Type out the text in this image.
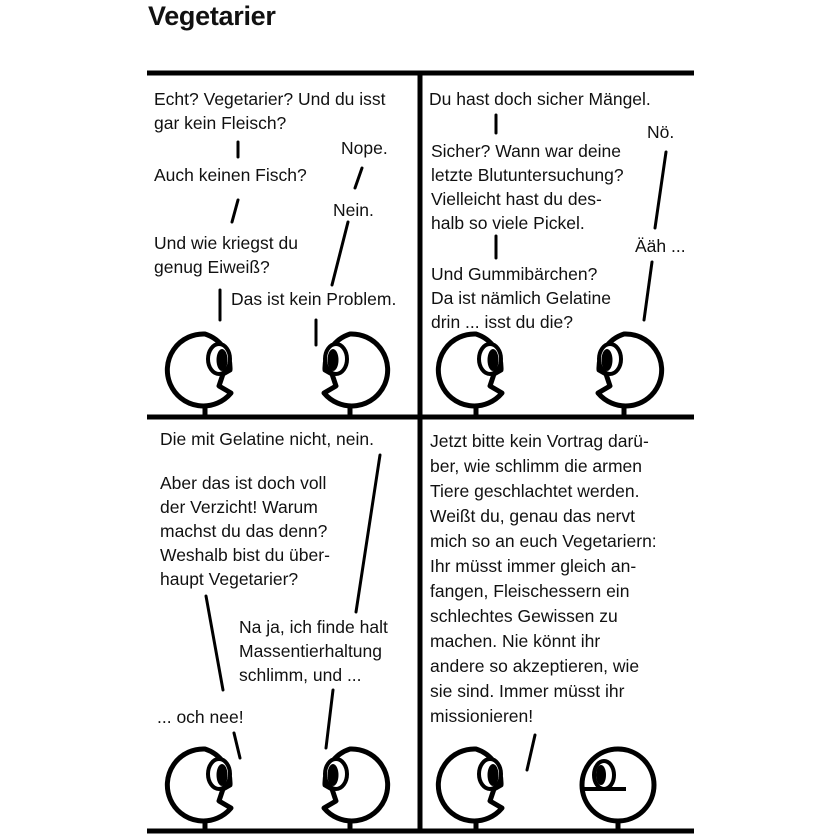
Vegetarier
Echt? Vegetarier? Und du isst
gar kein Fleisch?
Nope.
Auch keinen Fisch?
Nein.
Und wie kriegst du
genug Eiweiß?
Das ist kein Problem.
Du hast doch sicher Mängel.
Nö.
Sicher? Wann war deine
letzte Blutuntersuchung?
Vielleicht hast du des-
halb so viele Pickel.
Ääh ...
Und Gummibärchen?
Da ist nämlich Gelatine
drin ... isst du die?
Die mit Gelatine nicht, nein.
Aber das ist doch voll
der Verzicht! Warum
machst du das denn?
Weshalb bist du über-
haupt Vegetarier?
Na ja, ich finde halt
Massentierhaltung
schlimm, und ...
... och nee!
Jetzt bitte kein Vortrag darü-
ber, wie schlimm die armen
Tiere geschlachtet werden.
Weißt du, genau das nervt
mich so an euch Vegetariern:
Ihr müsst immer gleich an-
fangen, Fleischessern ein
schlechtes Gewissen zu
machen. Nie könnt ihr
andere so akzeptieren, wie
sie sind. Immer müsst ihr
missionieren!
